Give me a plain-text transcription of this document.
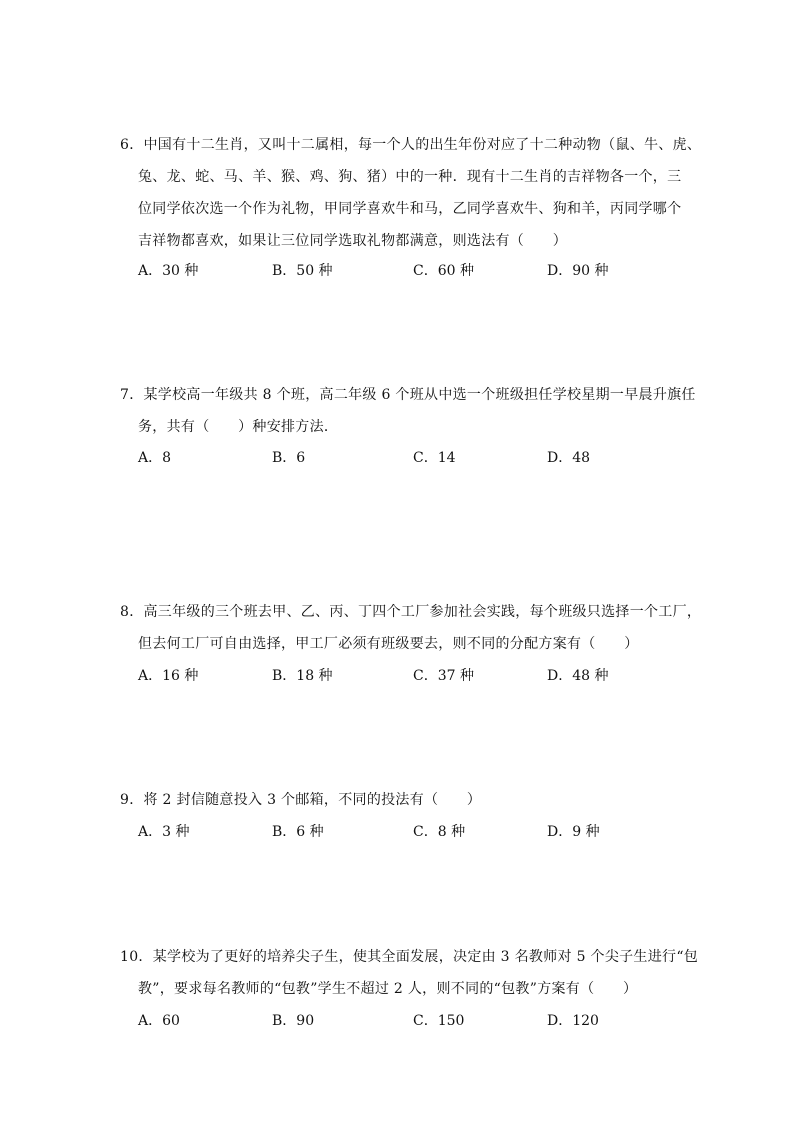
6．中国有十二生肖，又叫十二属相，每一个人的出生年份对应了十二种动物（鼠、牛、虎、
兔、龙、蛇、马、羊、猴、鸡、狗、猪）中的一种．现有十二生肖的吉祥物各一个，三
位同学依次选一个作为礼物，甲同学喜欢牛和马，乙同学喜欢牛、狗和羊，丙同学哪个
吉祥物都喜欢，如果让三位同学选取礼物都满意，则选法有（　　）
A．30 种	B．50 种	C．60 种	D．90 种
7．某学校高一年级共 8 个班，高二年级 6 个班从中选一个班级担任学校星期一早晨升旗任
务，共有（　　）种安排方法．
A．8	B．6	C．14	D．48
8．高三年级的三个班去甲、乙、丙、丁四个工厂参加社会实践，每个班级只选择一个工厂，
但去何工厂可自由选择，甲工厂必须有班级要去，则不同的分配方案有（　　）
A．16 种	B．18 种	C．37 种	D．48 种
9．将 2 封信随意投入 3 个邮箱，不同的投法有（　　）
A．3 种	B．6 种	C．8 种	D．9 种
10．某学校为了更好的培养尖子生，使其全面发展，决定由 3 名教师对 5 个尖子生进行“包
教”，要求每名教师的“包教”学生不超过 2 人，则不同的“包教”方案有（　　）
A．60	B．90	C．150	D．120
